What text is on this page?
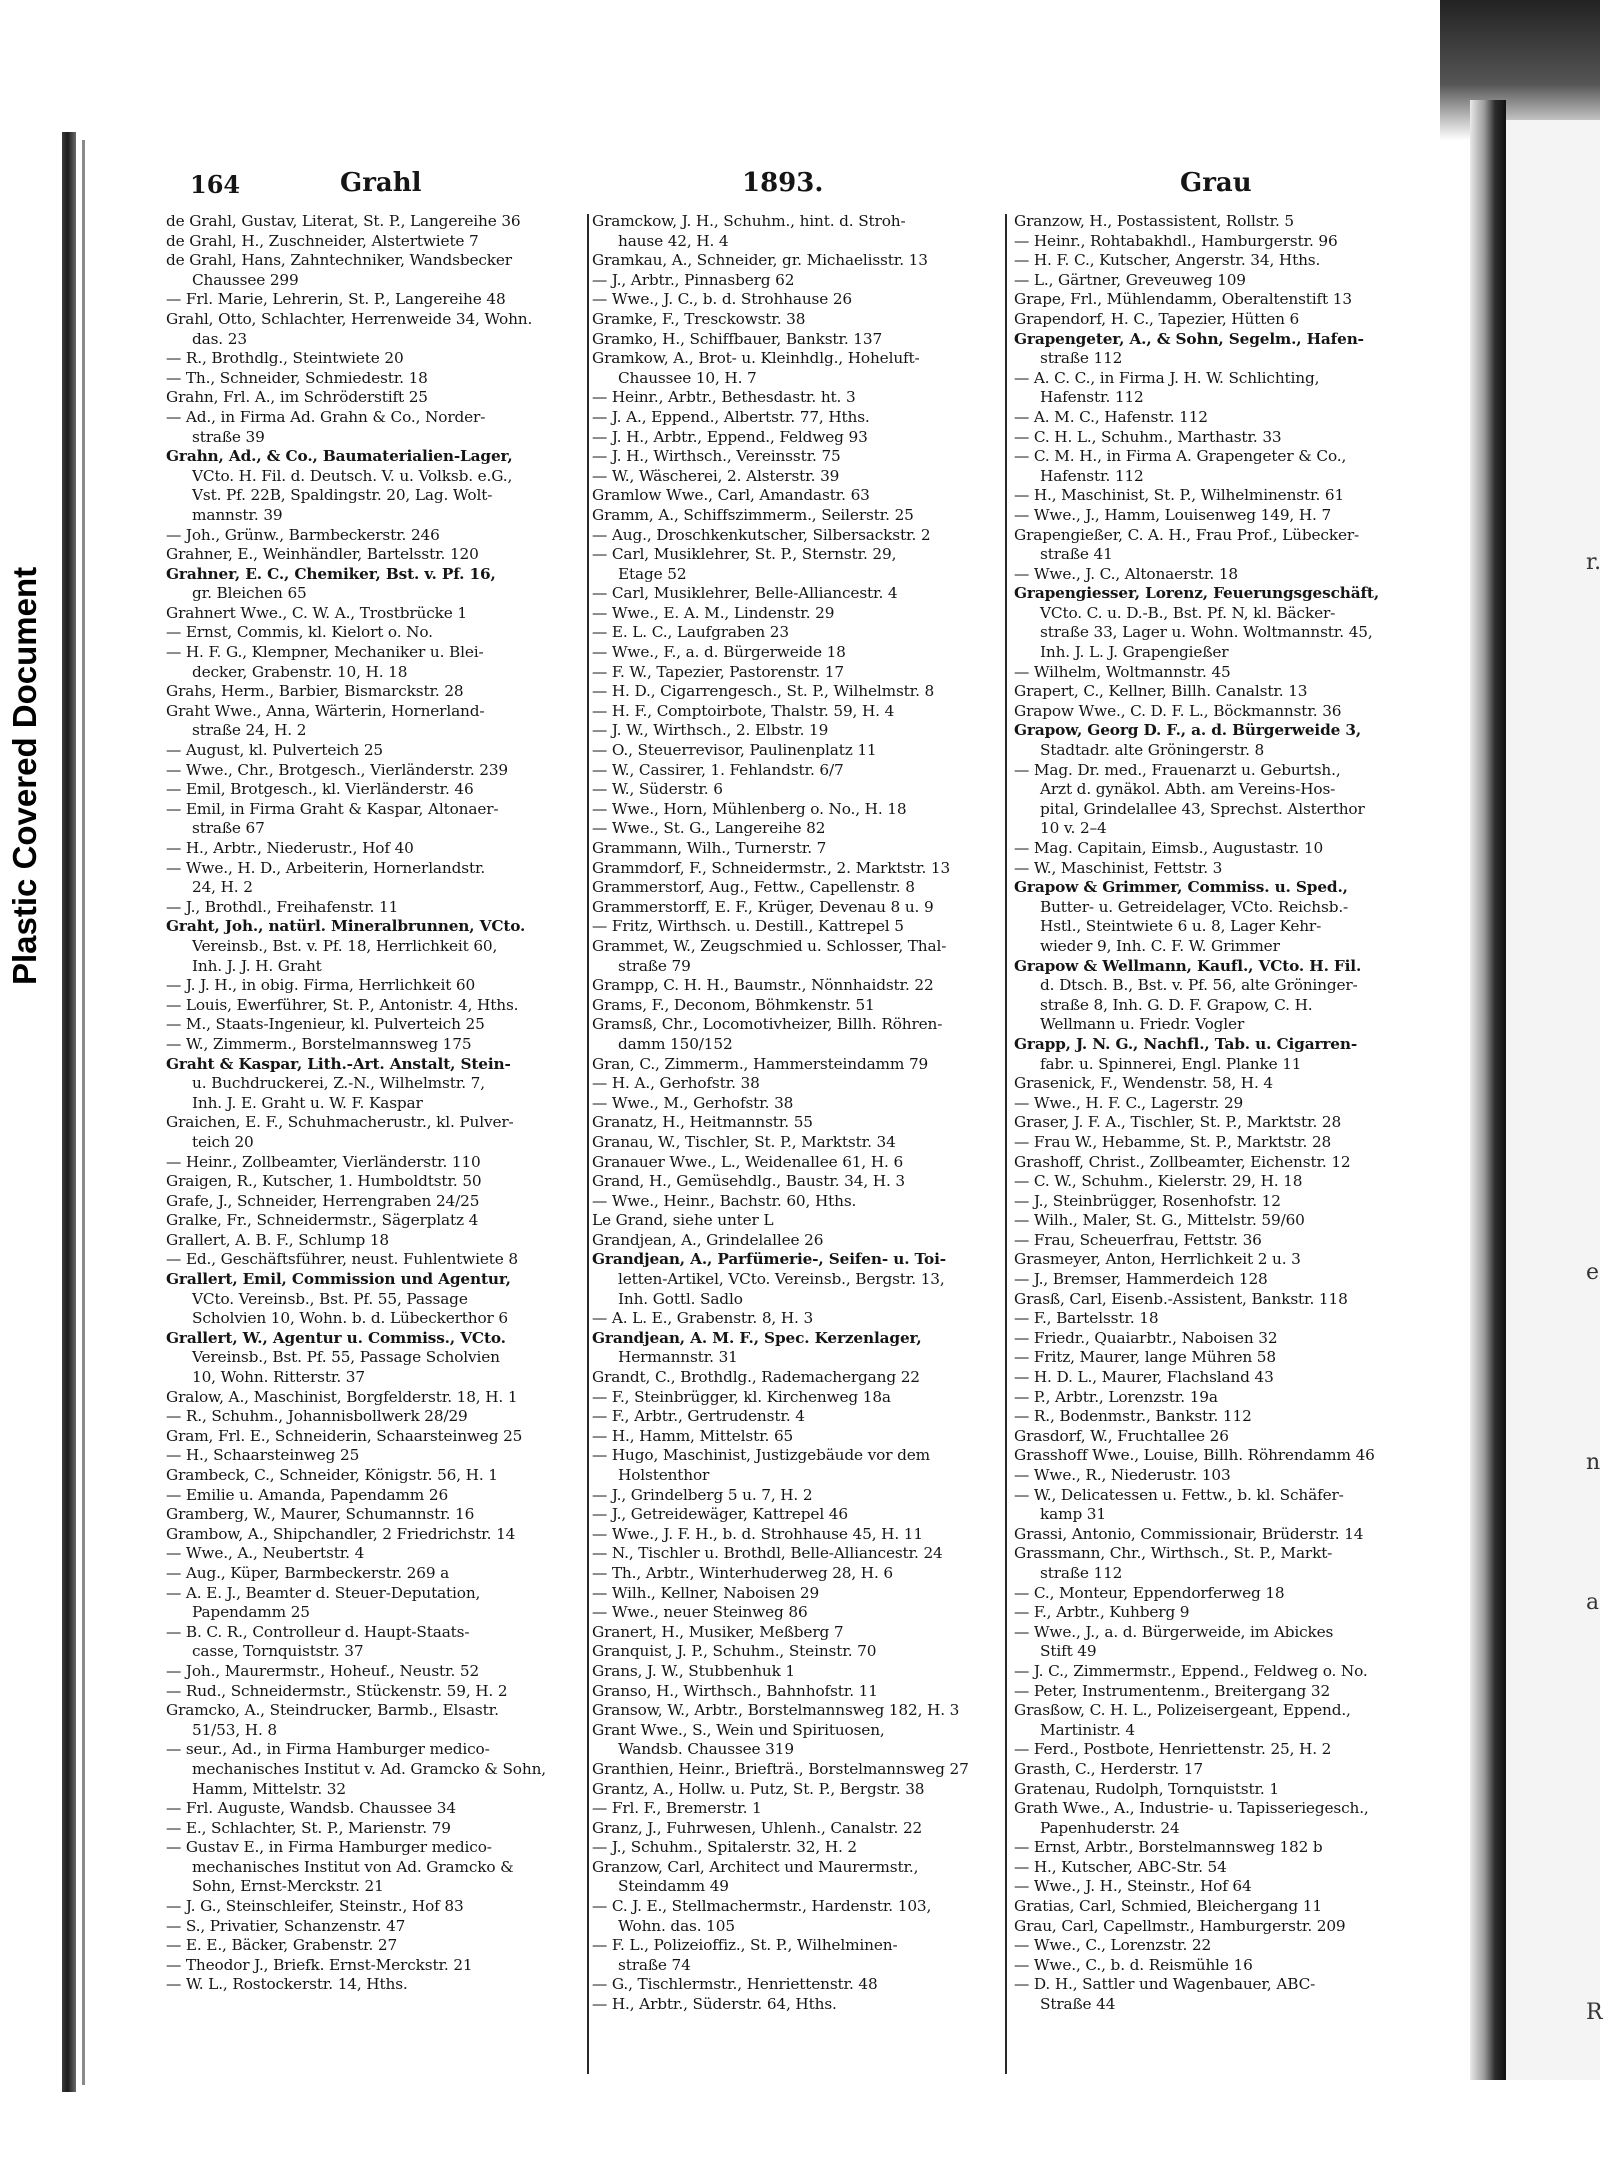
r.
e
n
a
R
Plastic Covered Document
164	Grahl	1893.	Grau
de Grahl, Gustav, Literat, St. P., Langereihe 36
de Grahl, H., Zuschneider, Alstertwiete 7
de Grahl, Hans, Zahntechniker, Wandsbecker
Chaussee 299
— Frl. Marie, Lehrerin, St. P., Langereihe 48
Grahl, Otto, Schlachter, Herrenweide 34, Wohn.
das. 23
— R., Brothdlg., Steintwiete 20
— Th., Schneider, Schmiedestr. 18
Grahn, Frl. A., im Schröderstift 25
— Ad., in Firma Ad. Grahn & Co., Norder-
straße 39
Grahn, Ad., & Co., Baumaterialien-Lager,
VCto. H. Fil. d. Deutsch. V. u. Volksb. e.G.,
Vst. Pf. 22B, Spaldingstr. 20, Lag. Wolt-
mannstr. 39
— Joh., Grünw., Barmbeckerstr. 246
Grahner, E., Weinhändler, Bartelsstr. 120
Grahner, E. C., Chemiker, Bst. v. Pf. 16,
gr. Bleichen 65
Grahnert Wwe., C. W. A., Trostbrücke 1
— Ernst, Commis, kl. Kielort o. No.
— H. F. G., Klempner, Mechaniker u. Blei-
decker, Grabenstr. 10, H. 18
Grahs, Herm., Barbier, Bismarckstr. 28
Graht Wwe., Anna, Wärterin, Hornerland-
straße 24, H. 2
— August, kl. Pulverteich 25
— Wwe., Chr., Brotgesch., Vierländerstr. 239
— Emil, Brotgesch., kl. Vierländerstr. 46
— Emil, in Firma Graht & Kaspar, Altonaer-
straße 67
— H., Arbtr., Niederustr., Hof 40
— Wwe., H. D., Arbeiterin, Hornerlandstr.
24, H. 2
— J., Brothdl., Freihafenstr. 11
Graht, Joh., natürl. Mineralbrunnen, VCto.
Vereinsb., Bst. v. Pf. 18, Herrlichkeit 60,
Inh. J. J. H. Graht
— J. J. H., in obig. Firma, Herrlichkeit 60
— Louis, Ewerführer, St. P., Antonistr. 4, Hths.
— M., Staats-Ingenieur, kl. Pulverteich 25
— W., Zimmerm., Borstelmannsweg 175
Graht & Kaspar, Lith.-Art. Anstalt, Stein-
u. Buchdruckerei, Z.-N., Wilhelmstr. 7,
Inh. J. E. Graht u. W. F. Kaspar
Graichen, E. F., Schuhmacherustr., kl. Pulver-
teich 20
— Heinr., Zollbeamter, Vierländerstr. 110
Graigen, R., Kutscher, 1. Humboldtstr. 50
Grafe, J., Schneider, Herrengraben 24/25
Gralke, Fr., Schneidermstr., Sägerplatz 4
Grallert, A. B. F., Schlump 18
— Ed., Geschäftsführer, neust. Fuhlentwiete 8
Grallert, Emil, Commission und Agentur,
VCto. Vereinsb., Bst. Pf. 55, Passage
Scholvien 10, Wohn. b. d. Lübeckerthor 6
Grallert, W., Agentur u. Commiss., VCto.
Vereinsb., Bst. Pf. 55, Passage Scholvien
10, Wohn. Ritterstr. 37
Gralow, A., Maschinist, Borgfelderstr. 18, H. 1
— R., Schuhm., Johannisbollwerk 28/29
Gram, Frl. E., Schneiderin, Schaarsteinweg 25
— H., Schaarsteinweg 25
Grambeck, C., Schneider, Königstr. 56, H. 1
— Emilie u. Amanda, Papendamm 26
Gramberg, W., Maurer, Schumannstr. 16
Grambow, A., Shipchandler, 2 Friedrichstr. 14
— Wwe., A., Neubertstr. 4
— Aug., Küper, Barmbeckerstr. 269 a
— A. E. J., Beamter d. Steuer-Deputation,
Papendamm 25
— B. C. R., Controlleur d. Haupt-Staats-
casse, Tornquiststr. 37
— Joh., Maurermstr., Hoheuf., Neustr. 52
— Rud., Schneidermstr., Stückenstr. 59, H. 2
Gramcko, A., Steindrucker, Barmb., Elsastr.
51/53, H. 8
— seur., Ad., in Firma Hamburger medico-
mechanisches Institut v. Ad. Gramcko & Sohn,
Hamm, Mittelstr. 32
— Frl. Auguste, Wandsb. Chaussee 34
— E., Schlachter, St. P., Marienstr. 79
— Gustav E., in Firma Hamburger medico-
mechanisches Institut von Ad. Gramcko &
Sohn, Ernst-Merckstr. 21
— J. G., Steinschleifer, Steinstr., Hof 83
— S., Privatier, Schanzenstr. 47
— E. E., Bäcker, Grabenstr. 27
— Theodor J., Briefk. Ernst-Merckstr. 21
— W. L., Rostockerstr. 14, Hths.
Gramckow, J. H., Schuhm., hint. d. Stroh-
hause 42, H. 4
Gramkau, A., Schneider, gr. Michaelisstr. 13
— J., Arbtr., Pinnasberg 62
— Wwe., J. C., b. d. Strohhause 26
Gramke, F., Tresckowstr. 38
Gramko, H., Schiffbauer, Bankstr. 137
Gramkow, A., Brot- u. Kleinhdlg., Hoheluft-
Chaussee 10, H. 7
— Heinr., Arbtr., Bethesdastr. ht. 3
— J. A., Eppend., Albertstr. 77, Hths.
— J. H., Arbtr., Eppend., Feldweg 93
— J. H., Wirthsch., Vereinsstr. 75
— W., Wäscherei, 2. Alsterstr. 39
Gramlow Wwe., Carl, Amandastr. 63
Gramm, A., Schiffszimmerm., Seilerstr. 25
— Aug., Droschkenkutscher, Silbersackstr. 2
— Carl, Musiklehrer, St. P., Sternstr. 29,
Etage 52
— Carl, Musiklehrer, Belle-Alliancestr. 4
— Wwe., E. A. M., Lindenstr. 29
— E. L. C., Laufgraben 23
— Wwe., F., a. d. Bürgerweide 18
— F. W., Tapezier, Pastorenstr. 17
— H. D., Cigarrengesch., St. P., Wilhelmstr. 8
— H. F., Comptoirbote, Thalstr. 59, H. 4
— J. W., Wirthsch., 2. Elbstr. 19
— O., Steuerrevisor, Paulinenplatz 11
— W., Cassirer, 1. Fehlandstr. 6/7
— W., Süderstr. 6
— Wwe., Horn, Mühlenberg o. No., H. 18
— Wwe., St. G., Langereihe 82
Grammann, Wilh., Turnerstr. 7
Grammdorf, F., Schneidermstr., 2. Marktstr. 13
Grammerstorf, Aug., Fettw., Capellenstr. 8
Grammerstorff, E. F., Krüger, Devenau 8 u. 9
— Fritz, Wirthsch. u. Destill., Kattrepel 5
Grammet, W., Zeugschmied u. Schlosser, Thal-
straße 79
Grampp, C. H. H., Baumstr., Nönnhaidstr. 22
Grams, F., Deconom, Böhmkenstr. 51
Gramsß, Chr., Locomotivheizer, Billh. Röhren-
damm 150/152
Gran, C., Zimmerm., Hammersteindamm 79
— H. A., Gerhofstr. 38
— Wwe., M., Gerhofstr. 38
Granatz, H., Heitmannstr. 55
Granau, W., Tischler, St. P., Marktstr. 34
Granauer Wwe., L., Weidenallee 61, H. 6
Grand, H., Gemüsehdlg., Baustr. 34, H. 3
— Wwe., Heinr., Bachstr. 60, Hths.
Le Grand, siehe unter L
Grandjean, A., Grindelallee 26
Grandjean, A., Parfümerie-, Seifen- u. Toi-
letten-Artikel, VCto. Vereinsb., Bergstr. 13,
Inh. Gottl. Sadlo
— A. L. E., Grabenstr. 8, H. 3
Grandjean, A. M. F., Spec. Kerzenlager,
Hermannstr. 31
Grandt, C., Brothdlg., Rademachergang 22
— F., Steinbrügger, kl. Kirchenweg 18a
— F., Arbtr., Gertrudenstr. 4
— H., Hamm, Mittelstr. 65
— Hugo, Maschinist, Justizgebäude vor dem
Holstenthor
— J., Grindelberg 5 u. 7, H. 2
— J., Getreidewäger, Kattrepel 46
— Wwe., J. F. H., b. d. Strohhause 45, H. 11
— N., Tischler u. Brothdl, Belle-Alliancestr. 24
— Th., Arbtr., Winterhuderweg 28, H. 6
— Wilh., Kellner, Naboisen 29
— Wwe., neuer Steinweg 86
Granert, H., Musiker, Meßberg 7
Granquist, J. P., Schuhm., Steinstr. 70
Grans, J. W., Stubbenhuk 1
Granso, H., Wirthsch., Bahnhofstr. 11
Gransow, W., Arbtr., Borstelmannsweg 182, H. 3
Grant Wwe., S., Wein und Spirituosen,
Wandsb. Chaussee 319
Granthien, Heinr., Briefträ., Borstelmannsweg 27
Grantz, A., Hollw. u. Putz, St. P., Bergstr. 38
— Frl. F., Bremerstr. 1
Granz, J., Fuhrwesen, Uhlenh., Canalstr. 22
— J., Schuhm., Spitalerstr. 32, H. 2
Granzow, Carl, Architect und Maurermstr.,
Steindamm 49
— C. J. E., Stellmachermstr., Hardenstr. 103,
Wohn. das. 105
— F. L., Polizeioffiz., St. P., Wilhelminen-
straße 74
— G., Tischlermstr., Henriettenstr. 48
— H., Arbtr., Süderstr. 64, Hths.
Granzow, H., Postassistent, Rollstr. 5
— Heinr., Rohtabakhdl., Hamburgerstr. 96
— H. F. C., Kutscher, Angerstr. 34, Hths.
— L., Gärtner, Greveuweg 109
Grape, Frl., Mühlendamm, Oberaltenstift 13
Grapendorf, H. C., Tapezier, Hütten 6
Grapengeter, A., & Sohn, Segelm., Hafen-
straße 112
— A. C. C., in Firma J. H. W. Schlichting,
Hafenstr. 112
— A. M. C., Hafenstr. 112
— C. H. L., Schuhm., Marthastr. 33
— C. M. H., in Firma A. Grapengeter & Co.,
Hafenstr. 112
— H., Maschinist, St. P., Wilhelminenstr. 61
— Wwe., J., Hamm, Louisenweg 149, H. 7
Grapengießer, C. A. H., Frau Prof., Lübecker-
straße 41
— Wwe., J. C., Altonaerstr. 18
Grapengiesser, Lorenz, Feuerungsgeschäft,
VCto. C. u. D.-B., Bst. Pf. N, kl. Bäcker-
straße 33, Lager u. Wohn. Woltmannstr. 45,
Inh. J. L. J. Grapengießer
— Wilhelm, Woltmannstr. 45
Grapert, C., Kellner, Billh. Canalstr. 13
Grapow Wwe., C. D. F. L., Böckmannstr. 36
Grapow, Georg D. F., a. d. Bürgerweide 3,
Stadtadr. alte Gröningerstr. 8
— Mag. Dr. med., Frauenarzt u. Geburtsh.,
Arzt d. gynäkol. Abth. am Vereins-Hos-
pital, Grindelallee 43, Sprechst. Alsterthor
10 v. 2–4
— Mag. Capitain, Eimsb., Augustastr. 10
— W., Maschinist, Fettstr. 3
Grapow & Grimmer, Commiss. u. Sped.,
Butter- u. Getreidelager, VCto. Reichsb.-
Hstl., Steintwiete 6 u. 8, Lager Kehr-
wieder 9, Inh. C. F. W. Grimmer
Grapow & Wellmann, Kaufl., VCto. H. Fil.
d. Dtsch. B., Bst. v. Pf. 56, alte Gröninger-
straße 8, Inh. G. D. F. Grapow, C. H.
Wellmann u. Friedr. Vogler
Grapp, J. N. G., Nachfl., Tab. u. Cigarren-
fabr. u. Spinnerei, Engl. Planke 11
Grasenick, F., Wendenstr. 58, H. 4
— Wwe., H. F. C., Lagerstr. 29
Graser, J. F. A., Tischler, St. P., Marktstr. 28
— Frau W., Hebamme, St. P., Marktstr. 28
Grashoff, Christ., Zollbeamter, Eichenstr. 12
— C. W., Schuhm., Kielerstr. 29, H. 18
— J., Steinbrügger, Rosenhofstr. 12
— Wilh., Maler, St. G., Mittelstr. 59/60
— Frau, Scheuerfrau, Fettstr. 36
Grasmeyer, Anton, Herrlichkeit 2 u. 3
— J., Bremser, Hammerdeich 128
Grasß, Carl, Eisenb.-Assistent, Bankstr. 118
— F., Bartelsstr. 18
— Friedr., Quaiarbtr., Naboisen 32
— Fritz, Maurer, lange Mühren 58
— H. D. L., Maurer, Flachsland 43
— P., Arbtr., Lorenzstr. 19a
— R., Bodenmstr., Bankstr. 112
Grasdorf, W., Fruchtallee 26
Grasshoff Wwe., Louise, Billh. Röhrendamm 46
— Wwe., R., Niederustr. 103
— W., Delicatessen u. Fettw., b. kl. Schäfer-
kamp 31
Grassi, Antonio, Commissionair, Brüderstr. 14
Grassmann, Chr., Wirthsch., St. P., Markt-
straße 112
— C., Monteur, Eppendorferweg 18
— F., Arbtr., Kuhberg 9
— Wwe., J., a. d. Bürgerweide, im Abickes
Stift 49
— J. C., Zimmermstr., Eppend., Feldweg o. No.
— Peter, Instrumentenm., Breitergang 32
Grasßow, C. H. L., Polizeisergeant, Eppend.,
Martinistr. 4
— Ferd., Postbote, Henriettenstr. 25, H. 2
Grasth, C., Herderstr. 17
Gratenau, Rudolph, Tornquiststr. 1
Grath Wwe., A., Industrie- u. Tapisseriegesch.,
Papenhuderstr. 24
— Ernst, Arbtr., Borstelmannsweg 182 b
— H., Kutscher, ABC-Str. 54
— Wwe., J. H., Steinstr., Hof 64
Gratias, Carl, Schmied, Bleichergang 11
Grau, Carl, Capellmstr., Hamburgerstr. 209
— Wwe., C., Lorenzstr. 22
— Wwe., C., b. d. Reismühle 16
— D. H., Sattler und Wagenbauer, ABC-
Straße 44
